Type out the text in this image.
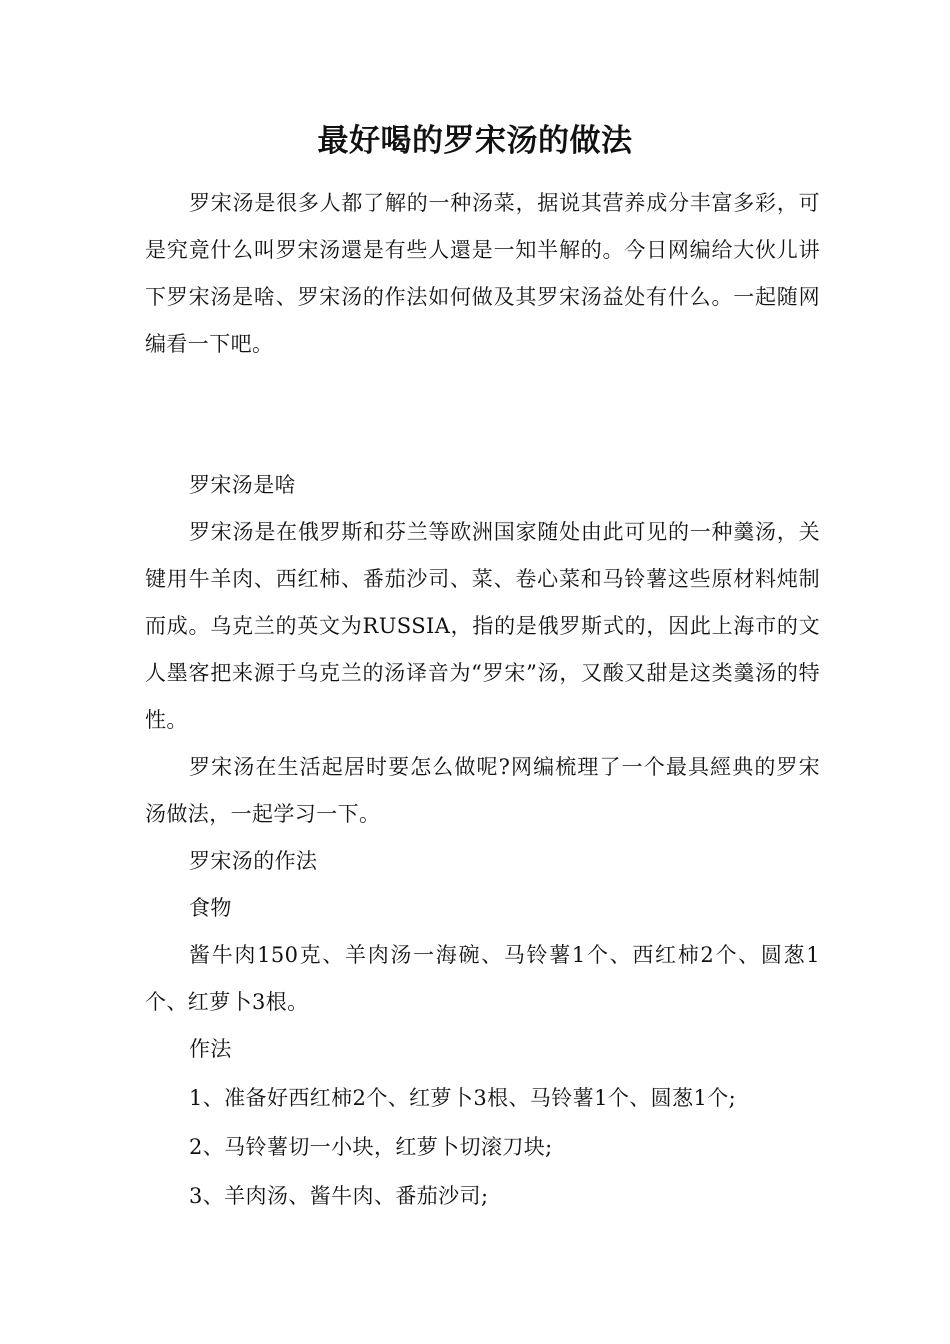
最好喝的罗宋汤的做法

罗宋汤是很多人都了解的一种汤菜，据说其营养成分丰富多彩，可是究竟什么叫罗宋汤還是有些人還是一知半解的。今日网编给大伙儿讲下罗宋汤是啥、罗宋汤的作法如何做及其罗宋汤益处有什么。一起随网编看一下吧。

罗宋汤是啥

罗宋汤是在俄罗斯和芬兰等欧洲国家随处由此可见的一种羹汤，关键用牛羊肉、西红柿、番茄沙司、菜、卷心菜和马铃薯这些原材料炖制而成。乌克兰的英文为RUSSIA，指的是俄罗斯式的，因此上海市的文人墨客把来源于乌克兰的汤译音为“罗宋”汤，又酸又甜是这类羹汤的特性。

罗宋汤在生活起居时要怎么做呢?网编梳理了一个最具經典的罗宋汤做法，一起学习一下。

罗宋汤的作法

食物

酱牛肉150克、羊肉汤一海碗、马铃薯1个、西红柿2个、圆葱1个、红萝卜3根。

作法

1、准备好西红柿2个、红萝卜3根、马铃薯1个、圆葱1个;

2、马铃薯切一小块，红萝卜切滚刀块;

3、羊肉汤、酱牛肉、番茄沙司;
